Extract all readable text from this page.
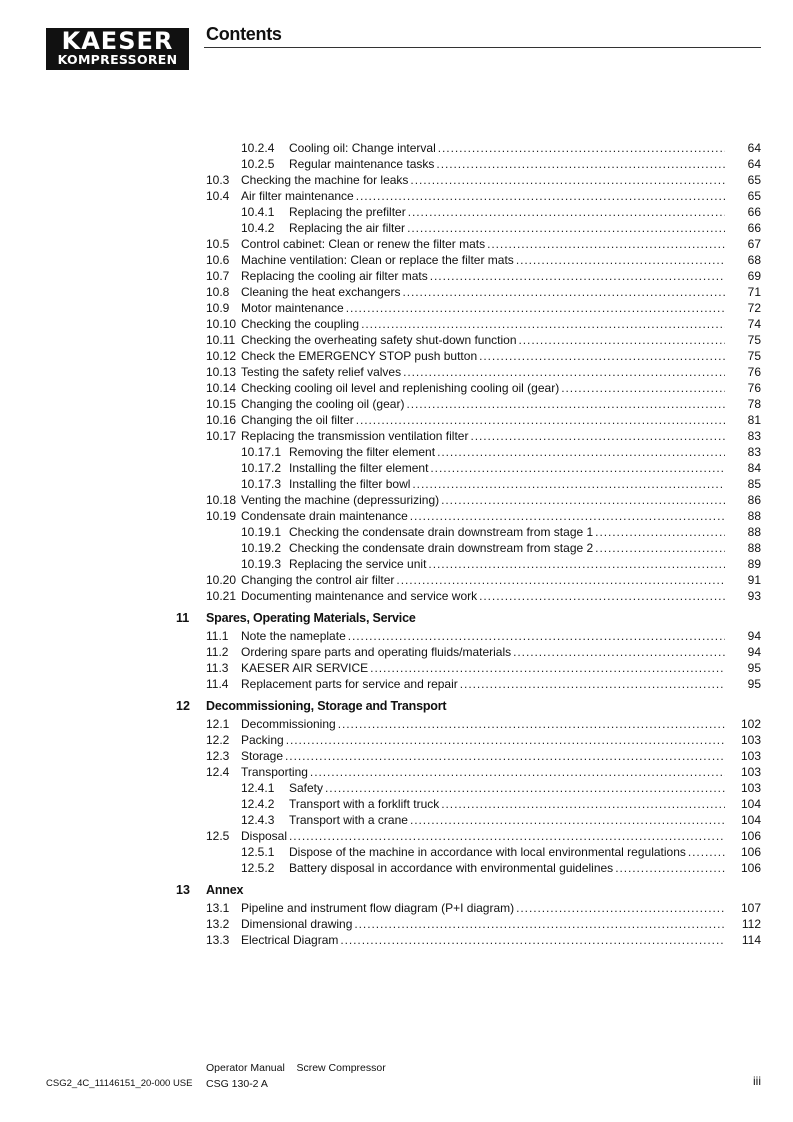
KAESER
KOMPRESSOREN
Contents
10.2.4 Cooling oil: Change interval . . .	64
10.2.5 Regular maintenance tasks . . .	64
10.3 Checking the machine for leaks . . .	65
10.4 Air filter maintenance . . .	65
10.4.1 Replacing the prefilter . . .	66
10.4.2 Replacing the air filter . . .	66
10.5 Control cabinet: Clean or renew the filter mats . . .	67
10.6 Machine ventilation: Clean or replace the filter mats . . .	68
10.7 Replacing the cooling air filter mats . . .	69
10.8 Cleaning the heat exchangers . . .	71
10.9 Motor maintenance . . .	72
10.10 Checking the coupling . . .	74
10.11 Checking the overheating safety shut-down function . . .	75
10.12 Check the EMERGENCY STOP push button . . .	75
10.13 Testing the safety relief valves . . .	76
10.14 Checking cooling oil level and replenishing cooling oil (gear) . . .	76
10.15 Changing the cooling oil (gear) . . .	78
10.16 Changing the oil filter . . .	81
10.17 Replacing the transmission ventilation filter . . .	83
10.17.1 Removing the filter element . . .	83
10.17.2 Installing the filter element . . .	84
10.17.3 Installing the filter bowl . . .	85
10.18 Venting the machine (depressurizing) . . .	86
10.19 Condensate drain maintenance . . .	88
10.19.1 Checking the condensate drain downstream from stage 1 . . .	88
10.19.2 Checking the condensate drain downstream from stage 2 . . .	88
10.19.3 Replacing the service unit . . .	89
10.20 Changing the control air filter . . .	91
10.21 Documenting maintenance and service work . . .	93
11 Spares, Operating Materials, Service
11.1 Note the nameplate . . .	94
11.2 Ordering spare parts and operating fluids/materials . . .	94
11.3 KAESER AIR SERVICE . . .	95
11.4 Replacement parts for service and repair . . .	95
12 Decommissioning, Storage and Transport
12.1 Decommissioning . . .	102
12.2 Packing . . .	103
12.3 Storage . . .	103
12.4 Transporting . . .	103
12.4.1 Safety . . .	103
12.4.2 Transport with a forklift truck . . .	104
12.4.3 Transport with a crane . . .	104
12.5 Disposal . . .	106
12.5.1 Dispose of the machine in accordance with local environmental regulations . . .	106
12.5.2 Battery disposal in accordance with environmental guidelines . . .	106
13 Annex
13.1 Pipeline and instrument flow diagram (P+I diagram) . . .	107
13.2 Dimensional drawing . . .	112
13.3 Electrical Diagram . . .	114
Operator Manual    Screw Compressor
CSG2_4C_11146151_20-000 USE CSG 130-2 A	iii
